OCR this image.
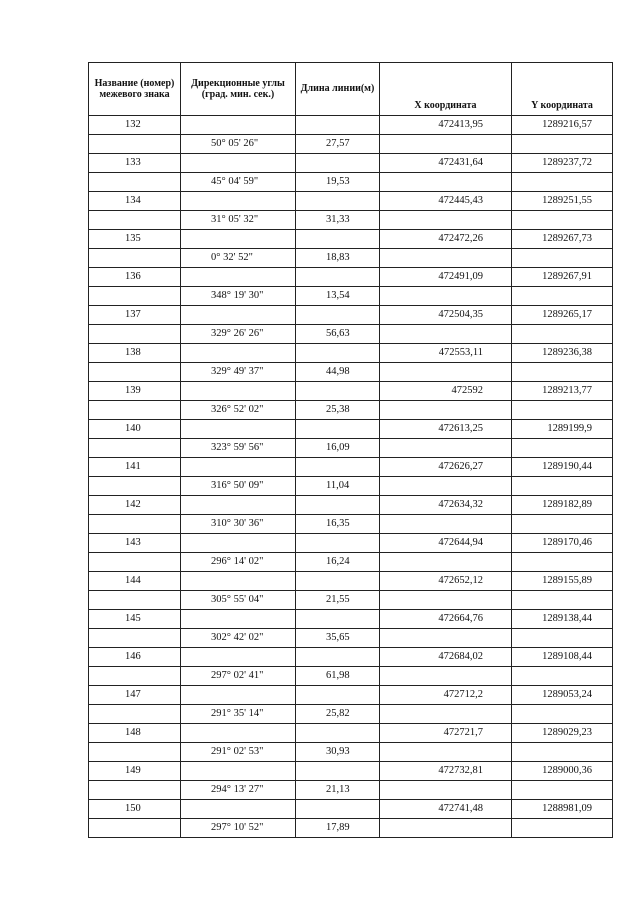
Название (номер) межевого знака	Дирекционные углы (град. мин. сек.)	Длина линии(м)	X координата	Y координата
132			472413,95	1289216,57
	50° 05' 26"	27,57		
133			472431,64	1289237,72
	45° 04' 59"	19,53		
134			472445,43	1289251,55
	31° 05' 32"	31,33		
135			472472,26	1289267,73
	0° 32' 52"	18,83		
136			472491,09	1289267,91
	348° 19' 30"	13,54		
137			472504,35	1289265,17
	329° 26' 26"	56,63		
138			472553,11	1289236,38
	329° 49' 37"	44,98		
139			472592	1289213,77
	326° 52' 02"	25,38		
140			472613,25	1289199,9
	323° 59' 56"	16,09		
141			472626,27	1289190,44
	316° 50' 09"	11,04		
142			472634,32	1289182,89
	310° 30' 36"	16,35		
143			472644,94	1289170,46
	296° 14' 02"	16,24		
144			472652,12	1289155,89
	305° 55' 04"	21,55		
145			472664,76	1289138,44
	302° 42' 02"	35,65		
146			472684,02	1289108,44
	297° 02' 41"	61,98		
147			472712,2	1289053,24
	291° 35' 14"	25,82		
148			472721,7	1289029,23
	291° 02' 53"	30,93		
149			472732,81	1289000,36
	294° 13' 27"	21,13		
150			472741,48	1288981,09
	297° 10' 52"	17,89		
